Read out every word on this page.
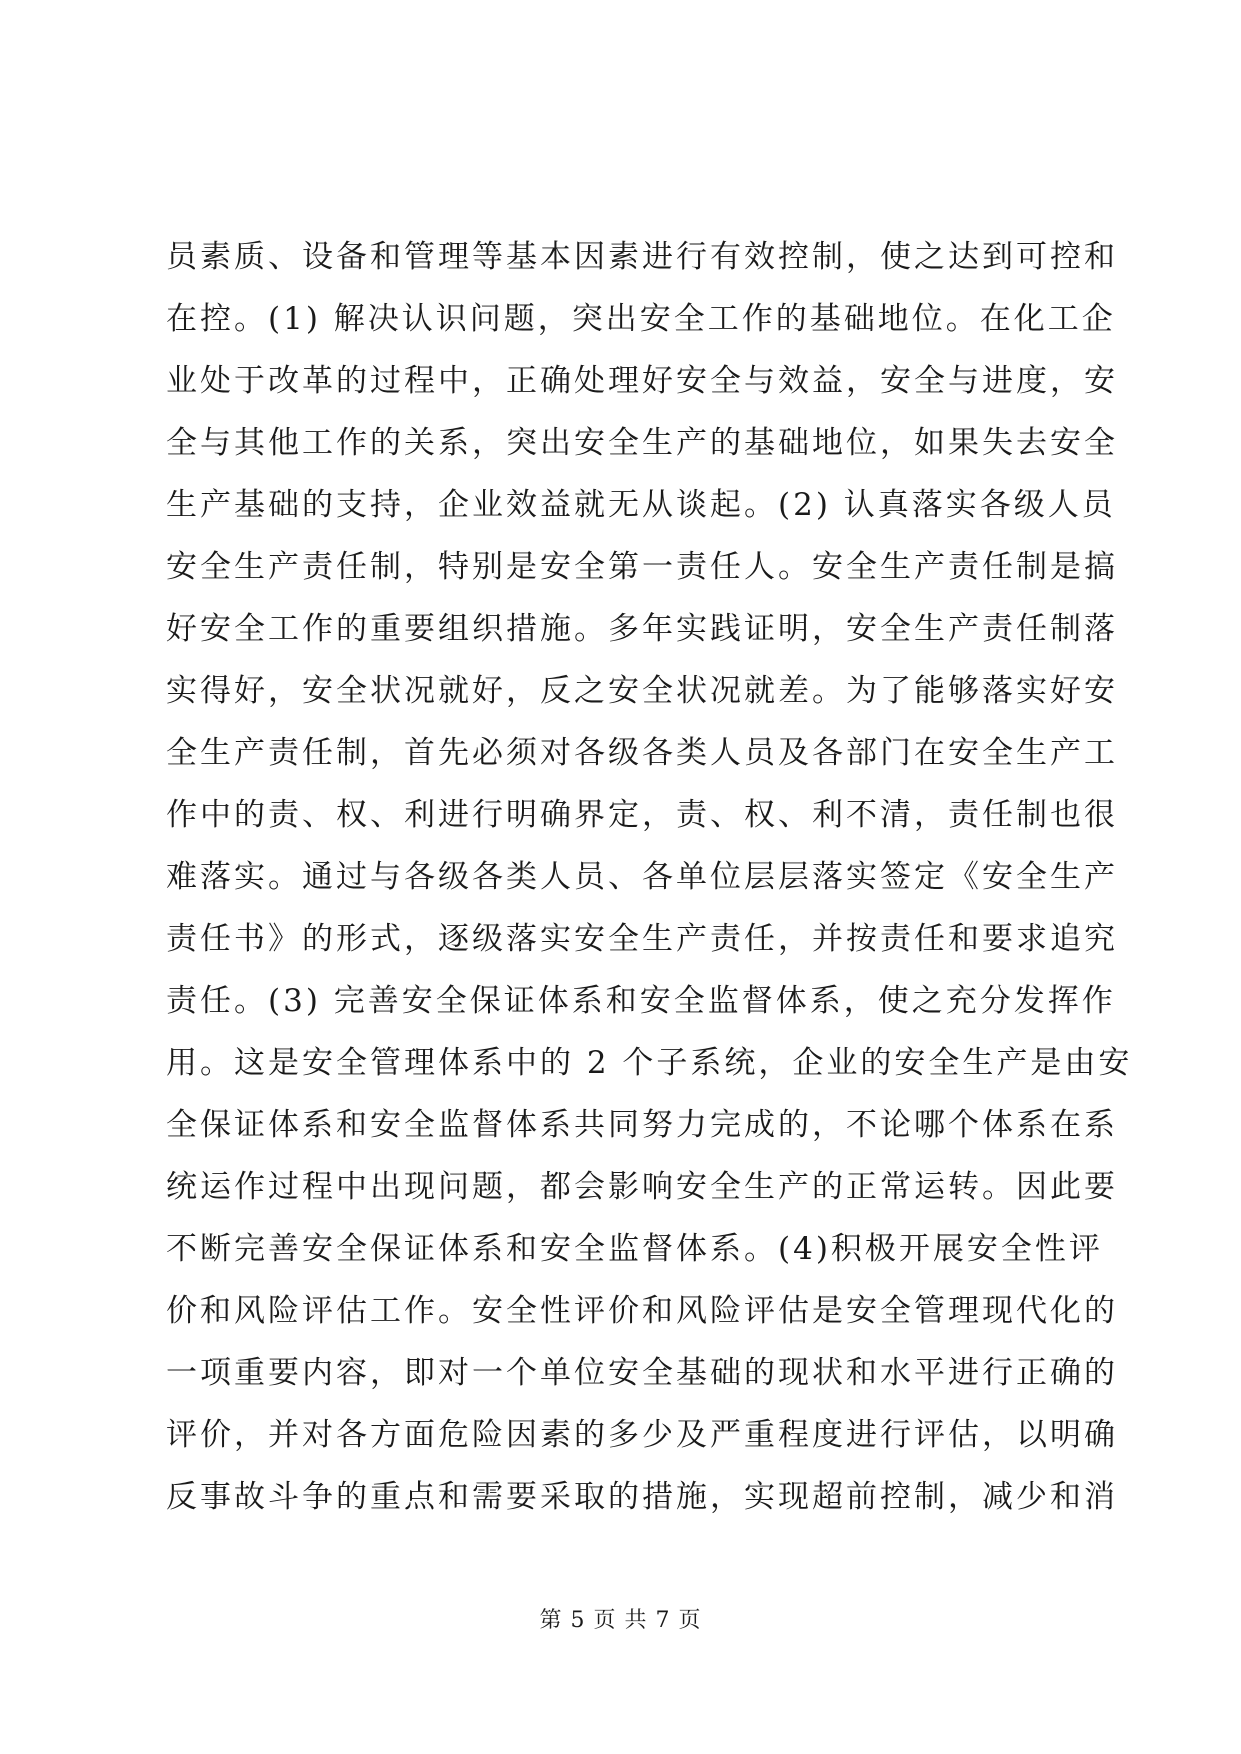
员素质、设备和管理等基本因素进行有效控制，使之达到可控和
在控。(1) 解决认识问题，突出安全工作的基础地位。在化工企
业处于改革的过程中，正确处理好安全与效益，安全与进度，安
全与其他工作的关系，突出安全生产的基础地位，如果失去安全
生产基础的支持，企业效益就无从谈起。(2) 认真落实各级人员
安全生产责任制，特别是安全第一责任人。安全生产责任制是搞
好安全工作的重要组织措施。多年实践证明，安全生产责任制落
实得好，安全状况就好，反之安全状况就差。为了能够落实好安
全生产责任制，首先必须对各级各类人员及各部门在安全生产工
作中的责、权、利进行明确界定，责、权、利不清，责任制也很
难落实。通过与各级各类人员、各单位层层落实签定《安全生产
责任书》的形式，逐级落实安全生产责任，并按责任和要求追究
责任。(3) 完善安全保证体系和安全监督体系，使之充分发挥作
用。这是安全管理体系中的 2 个子系统，企业的安全生产是由安
全保证体系和安全监督体系共同努力完成的，不论哪个体系在系
统运作过程中出现问题，都会影响安全生产的正常运转。因此要
不断完善安全保证体系和安全监督体系。(4)积极开展安全性评
价和风险评估工作。安全性评价和风险评估是安全管理现代化的
一项重要内容，即对一个单位安全基础的现状和水平进行正确的
评价，并对各方面危险因素的多少及严重程度进行评估，以明确
反事故斗争的重点和需要采取的措施，实现超前控制，减少和消
第 5 页 共 7 页
